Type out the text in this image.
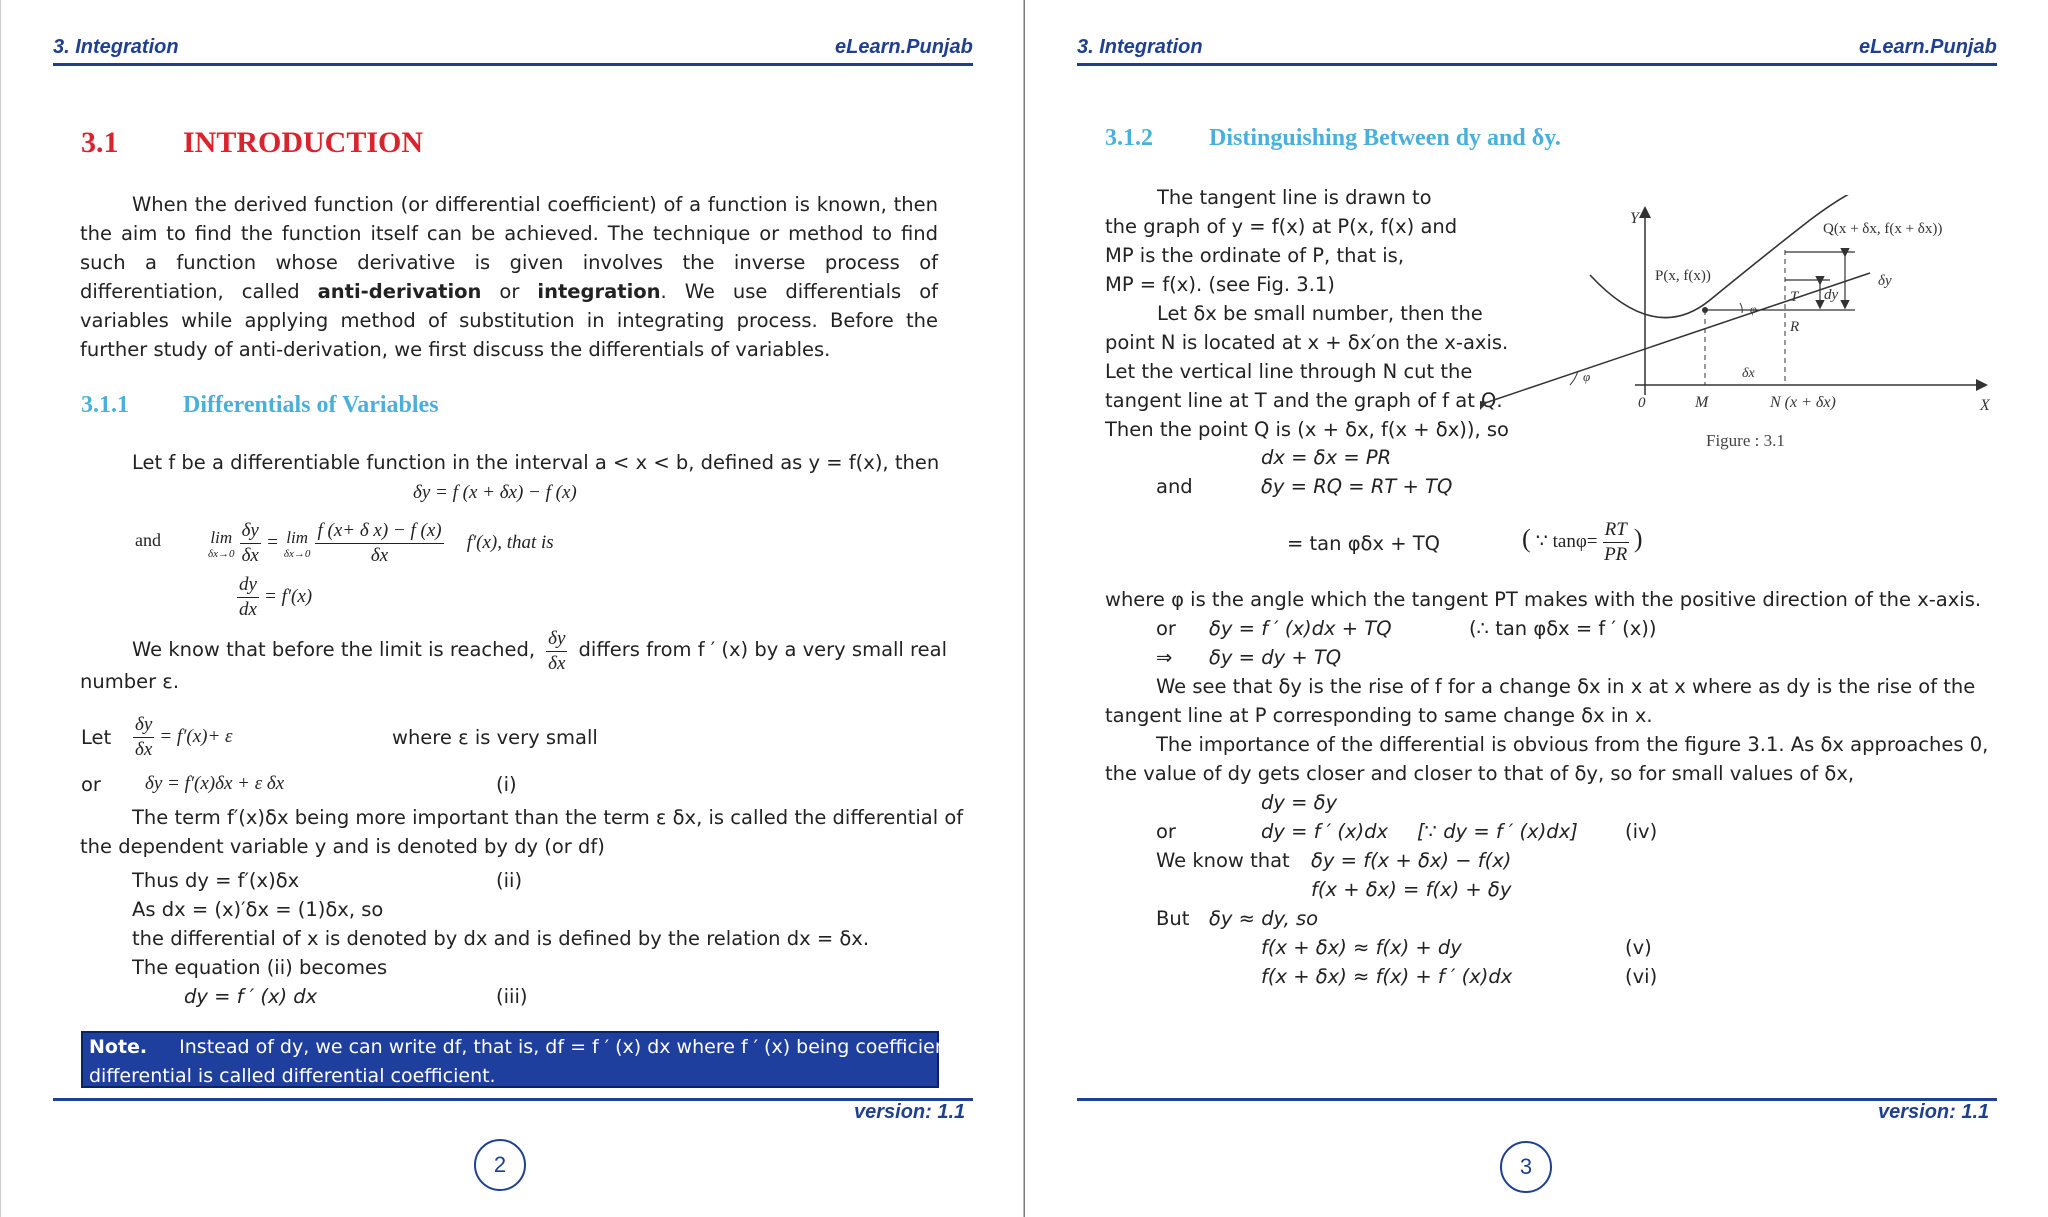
3. Integration	eLearn.Punjab
3.1 INTRODUCTION
When the derived function (or differential coefficient) of a function is known, then the aim to find the function itself can be achieved. The technique or method to find such a function whose derivative is given involves the inverse process of differentiation, called anti-derivation or integration. We use differentials of variables while applying method of substitution in integrating process. Before the further study of anti-derivation, we first discuss the differentials of variables.
3.1.1 Differentials of Variables
Let f be a differentiable function in the interval a < x < b, defined as y = f(x), then
δy = f (x + δx) − f (x)
and	lim
δx→0
$\frac{\delta y}{\delta x} = \lim$
δx→0
$\frac{\text{f (x+ δ x) − f (x)}}{\delta x} f'(x)$, that is
$\frac{dy}{dx} = f'(x)$
We know that before the limit is reached, $\frac{\delta y}{\delta x}$ differs from f ′ (x) by a very small real
number ε.
Let $\frac{\delta y}{\delta x} = f'(x)+ \varepsilon$	where ε is very small
or δy = f′(x)δx + ε δx	(i)
The term f′(x)δx being more important than the term ε δx, is called the differential of
the dependent variable y and is denoted by dy (or df)
Thus dy = f′(x)δx	(ii)
As dx = (x)′δx = (1)δx, so
the differential of x is denoted by dx and is defined by the relation dx = δx.
The equation (ii) becomes
dy = f ′ (x) dx	(iii)
Note. Instead of dy, we can write df, that is, df = f ′ (x) dx where f ′ (x) being coefficient of
differential is called differential coefficient.
version: 1.1
2
3. Integration	eLearn.Punjab
3.1.2 Distinguishing Between dy and δy.
The tangent line is drawn to
the graph of y = f(x) at P(x, f(x) and
MP is the ordinate of P, that is,
MP = f(x). (see Fig. 3.1)
Let δx be small number, then the
point N is located at x + δx′on the x-axis.
Let the vertical line through N cut the
tangent line at T and the graph of f at Q.
Then the point Q is (x + δx, f(x + δx)), so
Y
X
0	M	N (x + δx)
P(x, f(x))
Q(x + δx, f(x + δx))
T
R
dy
δy
δx
φ
φ
Figure : 3.1
dx = δx = PR
and	δy = RQ = RT + TQ
= tan φδx + TQ	( ∵ $\tan\varphi= \frac{RT}{PR}$ )
where φ is the angle which the tangent PT makes with the positive direction of the x-axis.
or δy = f ′ (x)dx + TQ	(∴ tan φδx = f ′ (x))
⇒ δy = dy + TQ
We see that δy is the rise of f for a change δx in x at x where as dy is the rise of the
tangent line at P corresponding to same change δx in x.
The importance of the differential is obvious from the figure 3.1. As δx approaches 0,
the value of dy gets closer and closer to that of δy, so for small values of δx,
dy = δy
or	dy = f ′ (x)dx [∵ dy = f ′ (x)dx] (iv)
We know that δy = f(x + δx) − f(x)
f(x + δx) = f(x) + δy
But δy ≈ dy, so
f(x + δx) ≈ f(x) + dy	(v)
f(x + δx) ≈ f(x) + f ′ (x)dx	(vi)
version: 1.1
3
